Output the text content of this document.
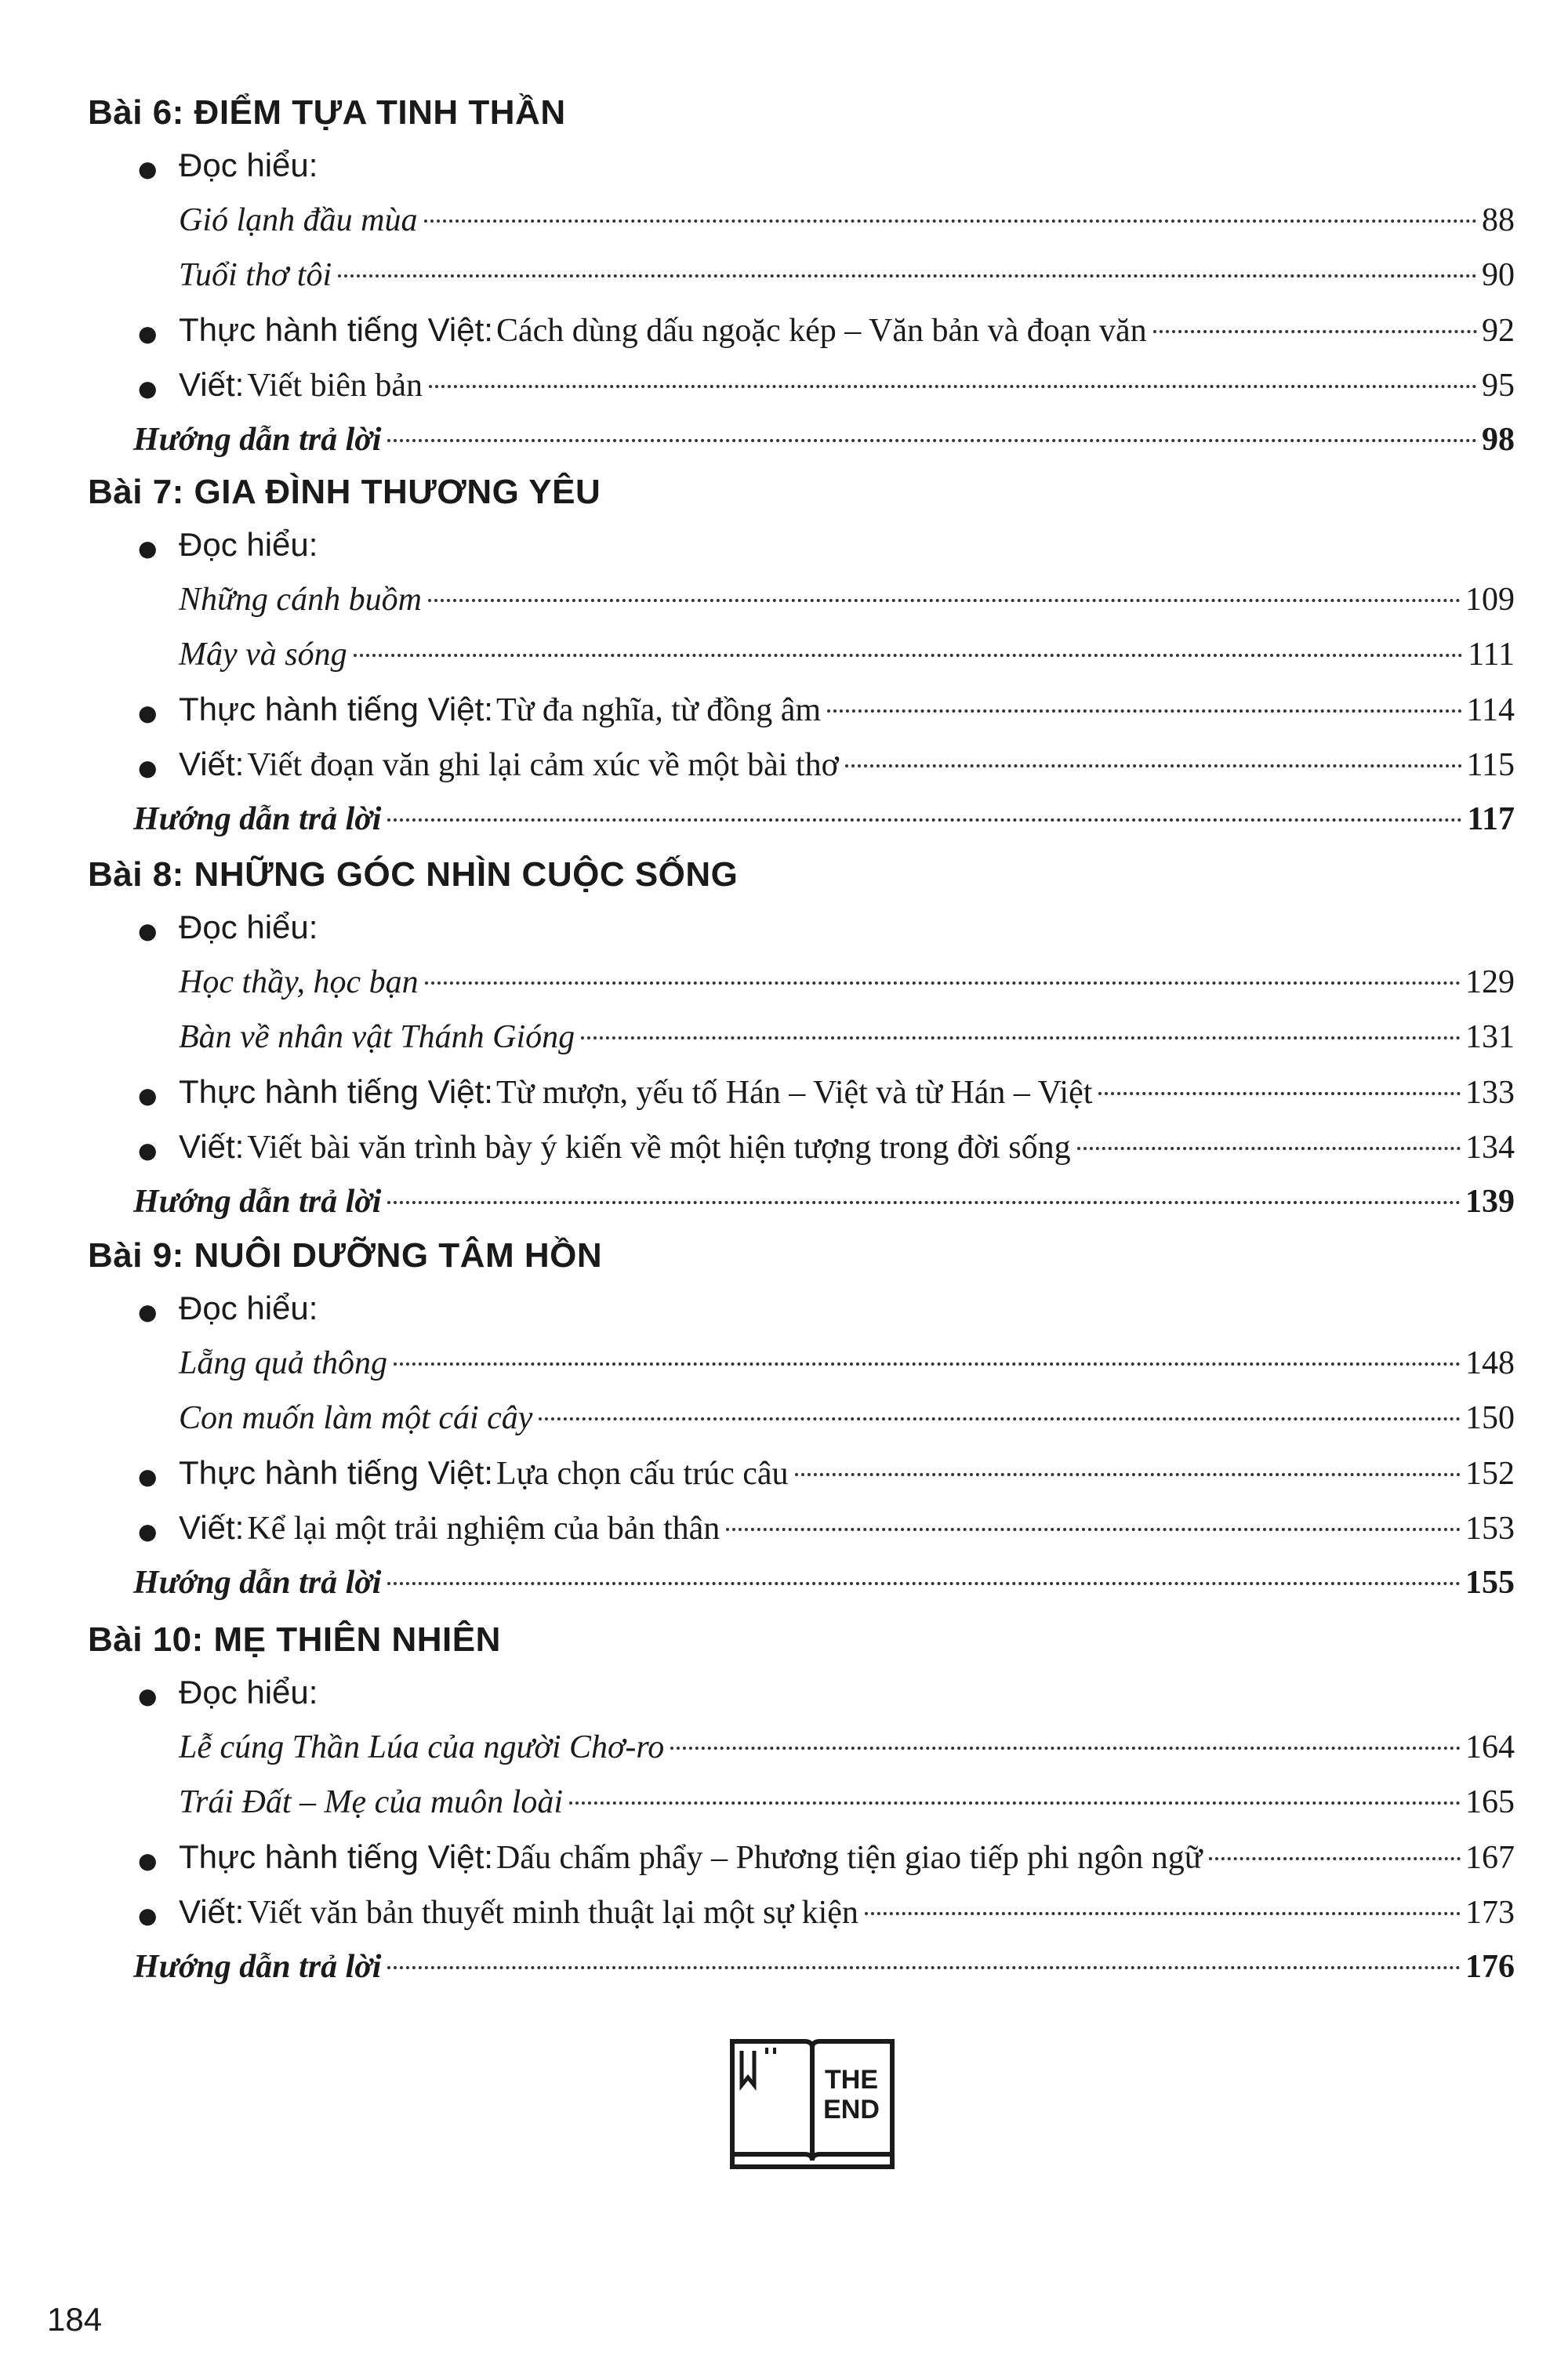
Bài 6: ĐIỂM TỰA TINH THẦN
● Đọc hiểu:
Gió lạnh đầu mùa	88
Tuổi thơ tôi	90
● Thực hành tiếng Việt:
Cách dùng dấu ngoặc kép – Văn bản và đoạn văn	92
● Viết:
Viết biên bản	95
Hướng dẫn trả lời	98
Bài 7: GIA ĐÌNH THƯƠNG YÊU
● Đọc hiểu:
Những cánh buồm	109
Mây và sóng	111
● Thực hành tiếng Việt:
Từ đa nghĩa, từ đồng âm	114
● Viết:
Viết đoạn văn ghi lại cảm xúc về một bài thơ	115
Hướng dẫn trả lời	117
Bài 8: NHỮNG GÓC NHÌN CUỘC SỐNG
● Đọc hiểu:
Học thầy, học bạn	129
Bàn về nhân vật Thánh Gióng	131
● Thực hành tiếng Việt:
Từ mượn, yếu tố Hán – Việt và từ Hán – Việt	133
● Viết:
Viết bài văn trình bày ý kiến về một hiện tượng trong đời sống	134
Hướng dẫn trả lời	139
Bài 9: NUÔI DƯỠNG TÂM HỒN
● Đọc hiểu:
Lẵng quả thông	148
Con muốn làm một cái cây	150
● Thực hành tiếng Việt:
Lựa chọn cấu trúc câu	152
● Viết:
Kể lại một trải nghiệm của bản thân	153
Hướng dẫn trả lời	155
Bài 10: MẸ THIÊN NHIÊN
● Đọc hiểu:
Lễ cúng Thần Lúa của người Chơ-ro	164
Trái Đất – Mẹ của muôn loài	165
● Thực hành tiếng Việt:
Dấu chấm phẩy – Phương tiện giao tiếp phi ngôn ngữ	167
● Viết:
Viết văn bản thuyết minh thuật lại một sự kiện	173
Hướng dẫn trả lời	176
THE
END
184
